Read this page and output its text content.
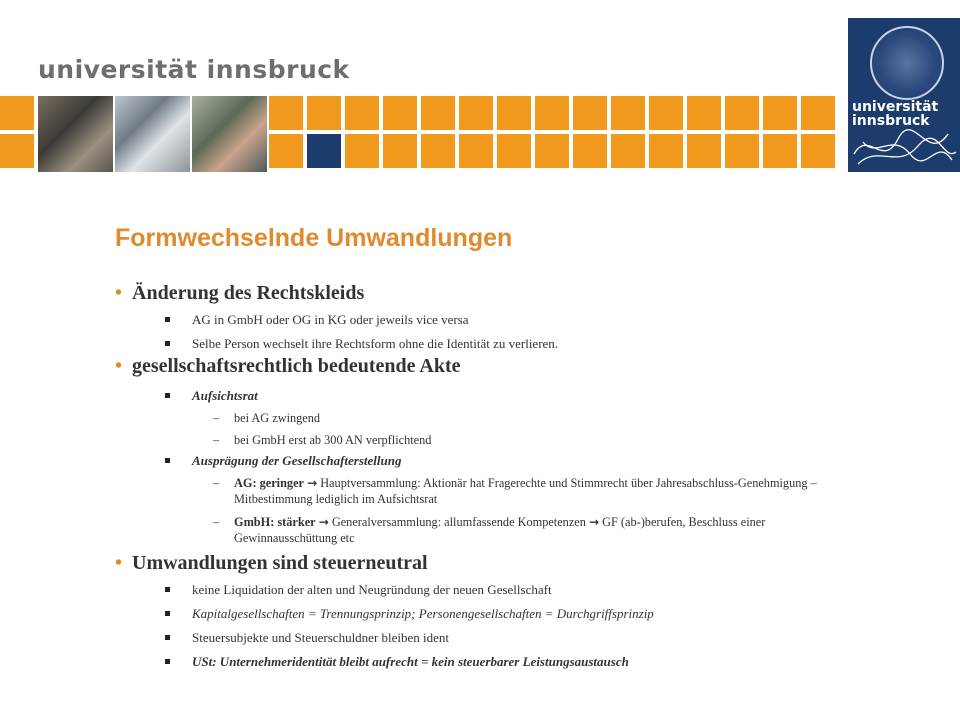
universität innsbruck
universität
innsbruck
Formwechselnde Umwandlungen
• Änderung des Rechtskleids
AG in GmbH oder OG in KG oder jeweils vice versa
Selbe Person wechselt ihre Rechtsform ohne die Identität zu verlieren.
• gesellschaftsrechtlich bedeutende Akte
Aufsichtsrat
– bei AG zwingend
– bei GmbH erst ab 300 AN verpflichtend
Ausprägung der Gesellschafterstellung
– AG: geringer → Hauptversammlung: Aktionär hat Fragerechte und Stimmrecht über Jahresabschluss-Genehmigung – Mitbestimmung lediglich im Aufsichtsrat
– GmbH: stärker → Generalversammlung: allumfassende Kompetenzen → GF (ab-)berufen, Beschluss einer Gewinnausschüttung etc
• Umwandlungen sind steuerneutral
keine Liquidation der alten und Neugründung der neuen Gesellschaft
Kapitalgesellschaften = Trennungsprinzip; Personengesellschaften = Durchgriffsprinzip
Steuersubjekte und Steuerschuldner bleiben ident
USt: Unternehmeridentität bleibt aufrecht = kein steuerbarer Leistungsaustausch
